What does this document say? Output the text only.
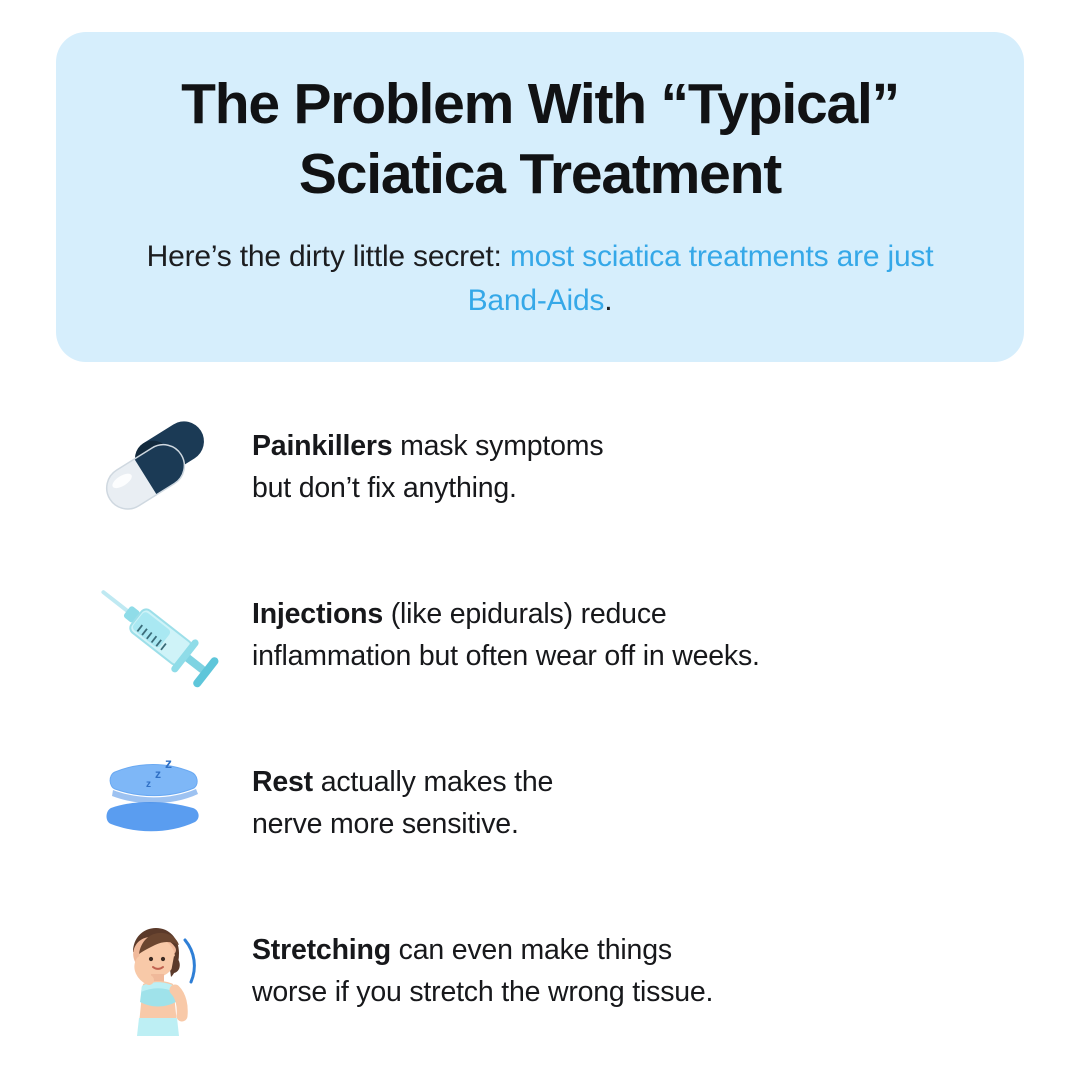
The Problem With “Typical”
Sciatica Treatment

Here’s the dirty little secret: most sciatica treatments are just Band-Aids.

Painkillers mask symptoms
but don’t fix anything.
Injections (like epidurals) reduce
inflammation but often wear off in weeks.
z
z
z	Rest actually makes the
nerve more sensitive.
Stretching can even make things
worse if you stretch the wrong tissue.
